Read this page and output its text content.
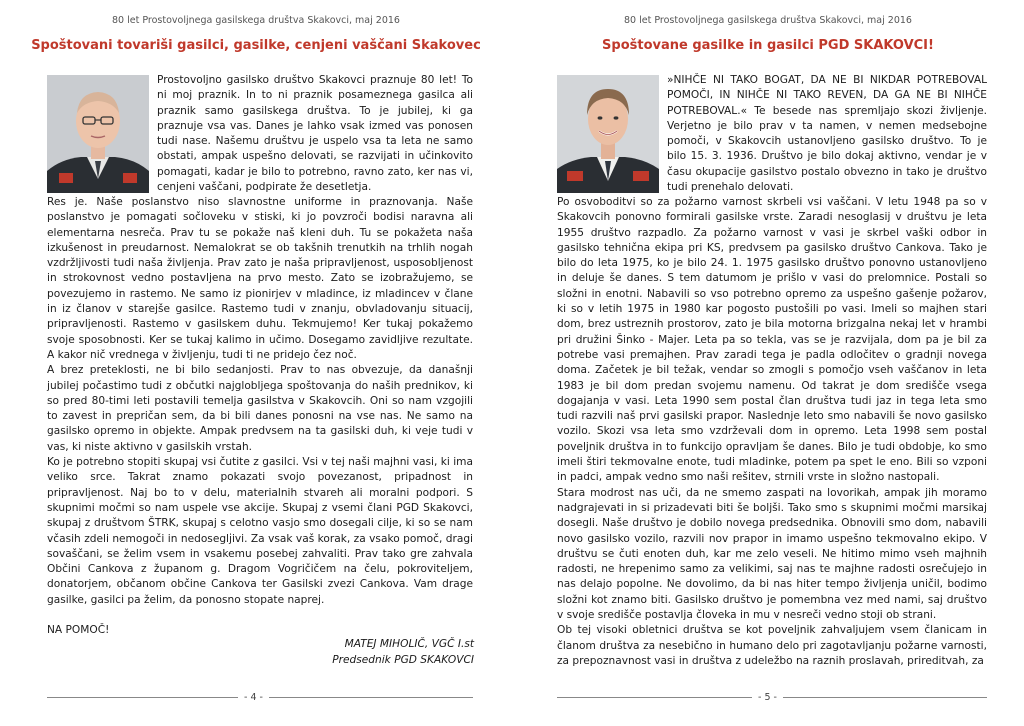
80 let Prostovoljnega gasilskega društva Skakovci, maj 2016
Spoštovani tovariši gasilci, gasilke, cenjeni vaščani Skakovec

Prostovoljno gasilsko društvo Skakovci praznuje 80 let! To ni moj praznik. In to ni praznik posameznega gasilca ali praznik samo gasilskega društva. To je jubilej, ki ga praznuje vsa vas. Danes je lahko vsak izmed vas ponosen tudi nase. Našemu društvu je uspelo vsa ta leta ne samo obstati, ampak uspešno delovati, se razvijati in učinkovito pomagati, kadar je bilo to potrebno, ravno zato, ker nas vi, cenjeni vaščani, podpirate že desetletja.

Res je. Naše poslanstvo niso slavnostne uniforme in praznovanja. Naše poslanstvo je pomagati sočloveku v stiski, ki jo povzroči bodisi naravna ali elementarna nesreča. Prav tu se pokaže naš kleni duh. Tu se pokažeta naša izkušenost in preudarnost. Nemalokrat se ob takšnih trenutkih na trhlih nogah vzdržljivosti tudi naša življenja. Prav zato je naša pripravljenost, usposobljenost in strokovnost vedno postavljena na prvo mesto. Zato se izobražujemo, se povezujemo in rastemo. Ne samo iz pionirjev v mladince, iz mladincev v člane in iz članov v starejše gasilce. Rastemo tudi v znanju, obvladovanju situacij, pripravljenosti. Rastemo v gasilskem duhu. Tekmujemo! Ker tukaj pokažemo svoje sposobnosti. Ker se tukaj kalimo in učimo. Dosegamo zavidljive rezultate. A kakor nič vrednega v življenju, tudi ti ne pridejo čez noč.

A brez preteklosti, ne bi bilo sedanjosti. Prav to nas obvezuje, da današnji jubilej počastimo tudi z občutki najglobljega spoštovanja do naših prednikov, ki so pred 80-timi leti postavili temelja gasilstva v Skakovcih. Oni so nam vzgojili to zavest in prepričan sem, da bi bili danes ponosni na vse nas. Ne samo na gasilsko opremo in objekte. Ampak predvsem na ta gasilski duh, ki veje tudi v vas, ki niste aktivno v gasilskih vrstah.

Ko je potrebno stopiti skupaj vsi čutite z gasilci. Vsi v tej naši majhni vasi, ki ima veliko srce. Takrat znamo pokazati svojo povezanost, pripadnost in pripravljenost. Naj bo to v delu, materialnih stvareh ali moralni podpori. S skupnimi močmi so nam uspele vse akcije. Skupaj z vsemi člani PGD Skakovci, skupaj z društvom ŠTRK, skupaj s celotno vasjo smo dosegali cilje, ki so se nam včasih zdeli nemogoči in nedoseglјivi. Za vsak vaš korak, za vsako pomoč, dragi sovaščani, se želim vsem in vsakemu posebej zahvaliti. Prav tako gre zahvala Občini Cankova z županom g. Dragom Vogričičem na čelu, pokroviteljem, donatorjem, občanom občine Cankova ter Gasilski zvezi Cankova. Vam drage gasilke, gasilci pa želim, da ponosno stopate naprej.

NA POMOČ!

MATEJ MIHOLIČ, VGČ I.st
Predsednik PGD SKAKOVCI
- 4 -
80 let Prostovoljnega gasilskega društva Skakovci, maj 2016
Spoštovane gasilke in gasilci PGD SKAKOVCI!

»NIHČE NI TAKO BOGAT, DA NE BI NIKDAR POTREBOVAL POMOČI, IN NIHČE NI TAKO REVEN, DA GA NE BI NIHČE POTREBOVAL.« Te besede nas spremljajo skozi življenje. Verjetno je bilo prav v ta namen, v nemen medsebojne pomoči, v Skakovcih ustanovljeno gasilsko društvo. To je bilo 15. 3. 1936. Društvo je bilo dokaj aktivno, vendar je v času okupacije gasilstvo postalo obvezno in tako je društvo tudi prenehalo delovati.

Po osvoboditvi so za požarno varnost skrbeli vsi vaščani. V letu 1948 pa so v Skakovcih ponovno formirali gasilske vrste. Zaradi nesoglasij v društvu je leta 1955 društvo razpadlo. Za požarno varnost v vasi je skrbel vaški odbor in gasilsko tehnična ekipa pri KS, predvsem pa gasilsko društvo Cankova. Tako je bilo do leta 1975, ko je bilo 24. 1. 1975 gasilsko društvo ponovno ustanovljeno in deluje še danes. S tem datumom je prišlo v vasi do prelomnice. Postali so složni in enotni. Nabavili so vso potrebno opremo za uspešno gašenje požarov, ki so v letih 1975 in 1980 kar pogosto pustošili po vasi. Imeli so majhen stari dom, brez ustreznih prostorov, zato je bila motorna brizgalna nekaj let v hrambi pri družini Šinko - Majer. Leta pa so tekla, vas se je razvijala, dom pa je bil za potrebe vasi premajhen. Prav zaradi tega je padla odločitev o gradnji novega doma. Začetek je bil težak, vendar so zmogli s pomočjo vseh vaščanov in leta 1983 je bil dom predan svojemu namenu. Od takrat je dom središče vsega dogajanja v vasi. Leta 1990 sem postal član društva tudi jaz in tega leta smo tudi razvili naš prvi gasilski prapor. Naslednje leto smo nabavili še novo gasilsko vozilo. Skozi vsa leta smo vzdrževali dom in opremo. Leta 1998 sem postal poveljnik društva in to funkcijo opravljam še danes. Bilo je tudi obdobje, ko smo imeli štiri tekmovalne enote, tudi mladinke, potem pa spet le eno. Bili so vzponi in padci, ampak vedno smo naši rešitev, strnili vrste in složno nastopali.

Stara modrost nas uči, da ne smemo zaspati na lovorikah, ampak jih moramo nadgrajevati in si prizadevati biti še boljši. Tako smo s skupnimi močmi marsikaj dosegli. Naše društvo je dobilo novega predsednika. Obnovili smo dom, nabavili novo gasilsko vozilo, razvili nov prapor in imamo uspešno tekmovalno ekipo. V društvu se čuti enoten duh, kar me zelo veseli. Ne hitimo mimo vseh majhnih radosti, ne hrepenimo samo za velikimi, saj nas te majhne radosti osrečujejo in nas delajo popolne. Ne dovolimo, da bi nas hiter tempo življenja uničil, bodimo složni kot znamo biti. Gasilsko društvo je pomembna vez med nami, saj društvo v svoje središče postavlja človeka in mu v nesreči vedno stoji ob strani.

Ob tej visoki obletnici društva se kot poveljnik zahvaljujem vsem članicam in članom društva za nesebično in humano delo pri zagotavljanju požarne varnosti, za prepoznavnost vasi in društva z udeležbo na raznih proslavah, prireditvah, za

- 5 -
